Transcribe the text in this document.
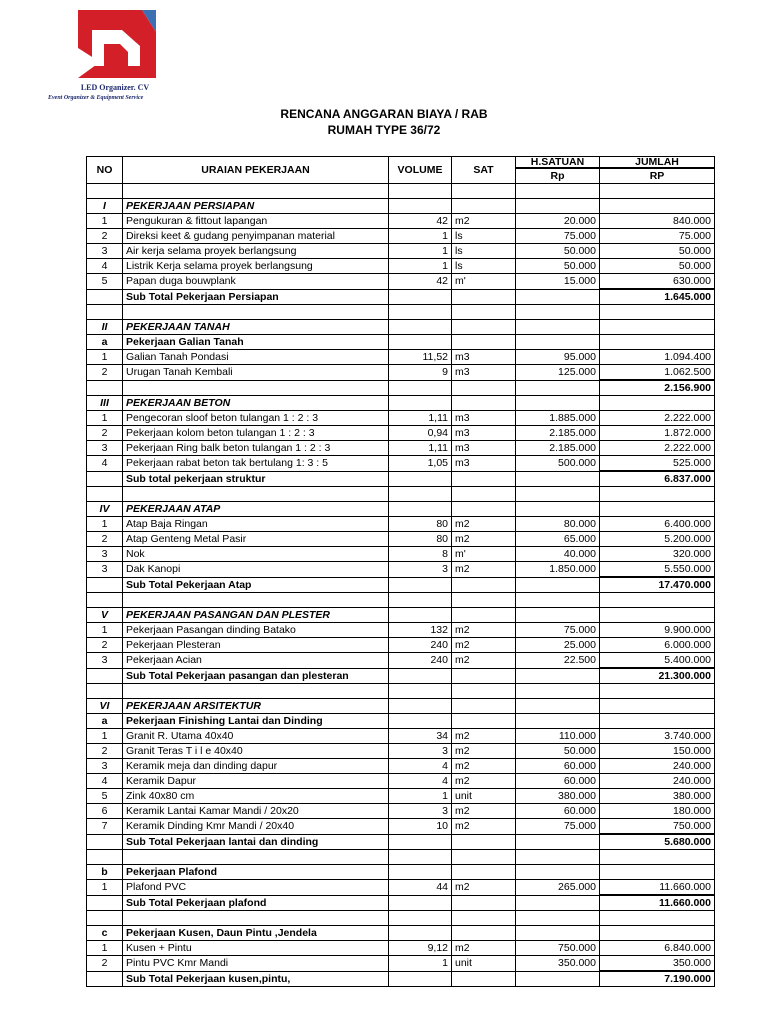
LED Organizer. CV
Event Organizer & Equipment Service
RENCANA ANGGARAN BIAYA / RAB
RUMAH TYPE 36/72
NO	URAIAN PEKERJAAN	VOLUME	SAT	H.SATUAN	JUMLAH
				Rp	RP

I	PEKERJAAN PERSIAPAN				
1	Pengukuran & fittout lapangan	42	m2	20.000	840.000
2	Direksi keet & gudang penyimpanan material	1	ls	75.000	75.000
3	Air kerja selama proyek berlangsung	1	ls	50.000	50.000
4	Listrik Kerja selama proyek berlangsung	1	ls	50.000	50.000
5	Papan duga bouwplank	42	m'	15.000	630.000
	Sub Total Pekerjaan Persiapan				1.645.000

II	PEKERJAAN TANAH				
a	Pekerjaan Galian Tanah				
1	Galian Tanah Pondasi	11,52	m3	95.000	1.094.400
2	Urugan Tanah Kembali	9	m3	125.000	1.062.500
					2.156.900
III	PEKERJAAN BETON				
1	Pengecoran sloof beton tulangan 1 : 2 : 3	1,11	m3	1.885.000	2.222.000
2	Pekerjaan kolom beton tulangan 1 : 2 : 3	0,94	m3	2.185.000	1.872.000
3	Pekerjaan Ring balk beton tulangan 1 : 2 : 3	1,11	m3	2.185.000	2.222.000
4	Pekerjaan rabat beton tak bertulang 1: 3 : 5	1,05	m3	500.000	525.000
	Sub total pekerjaan struktur				6.837.000

IV	PEKERJAAN ATAP				
1	Atap Baja Ringan	80	m2	80.000	6.400.000
2	Atap Genteng Metal Pasir	80	m2	65.000	5.200.000
3	Nok	8	m'	40.000	320.000
3	Dak Kanopi	3	m2	1.850.000	5.550.000
	Sub Total Pekerjaan Atap				17.470.000

V	PEKERJAAN PASANGAN DAN PLESTER				
1	Pekerjaan Pasangan dinding Batako	132	m2	75.000	9.900.000
2	Pekerjaan Plesteran	240	m2	25.000	6.000.000
3	Pekerjaan Acian	240	m2	22.500	5.400.000
	Sub Total Pekerjaan pasangan dan plesteran				21.300.000

VI	PEKERJAAN ARSITEKTUR				
a	Pekerjaan Finishing Lantai dan Dinding				
1	Granit R. Utama 40x40	34	m2	110.000	3.740.000
2	Granit Teras T i l e 40x40	3	m2	50.000	150.000
3	Keramik meja dan dinding dapur	4	m2	60.000	240.000
4	Keramik Dapur	4	m2	60.000	240.000
5	Zink 40x80 cm	1	unit	380.000	380.000
6	Keramik Lantai Kamar Mandi / 20x20	3	m2	60.000	180.000
7	Keramik Dinding Kmr Mandi / 20x40	10	m2	75.000	750.000
	Sub Total Pekerjaan lantai dan dinding				5.680.000

b	Pekerjaan Plafond				
1	Plafond PVC	44	m2	265.000	11.660.000
	Sub Total Pekerjaan plafond				11.660.000

c	Pekerjaan Kusen, Daun Pintu ,Jendela				
1	Kusen + Pintu	9,12	m2	750.000	6.840.000
2	Pintu PVC Kmr Mandi	1	unit	350.000	350.000
	Sub Total Pekerjaan kusen,pintu,				7.190.000
